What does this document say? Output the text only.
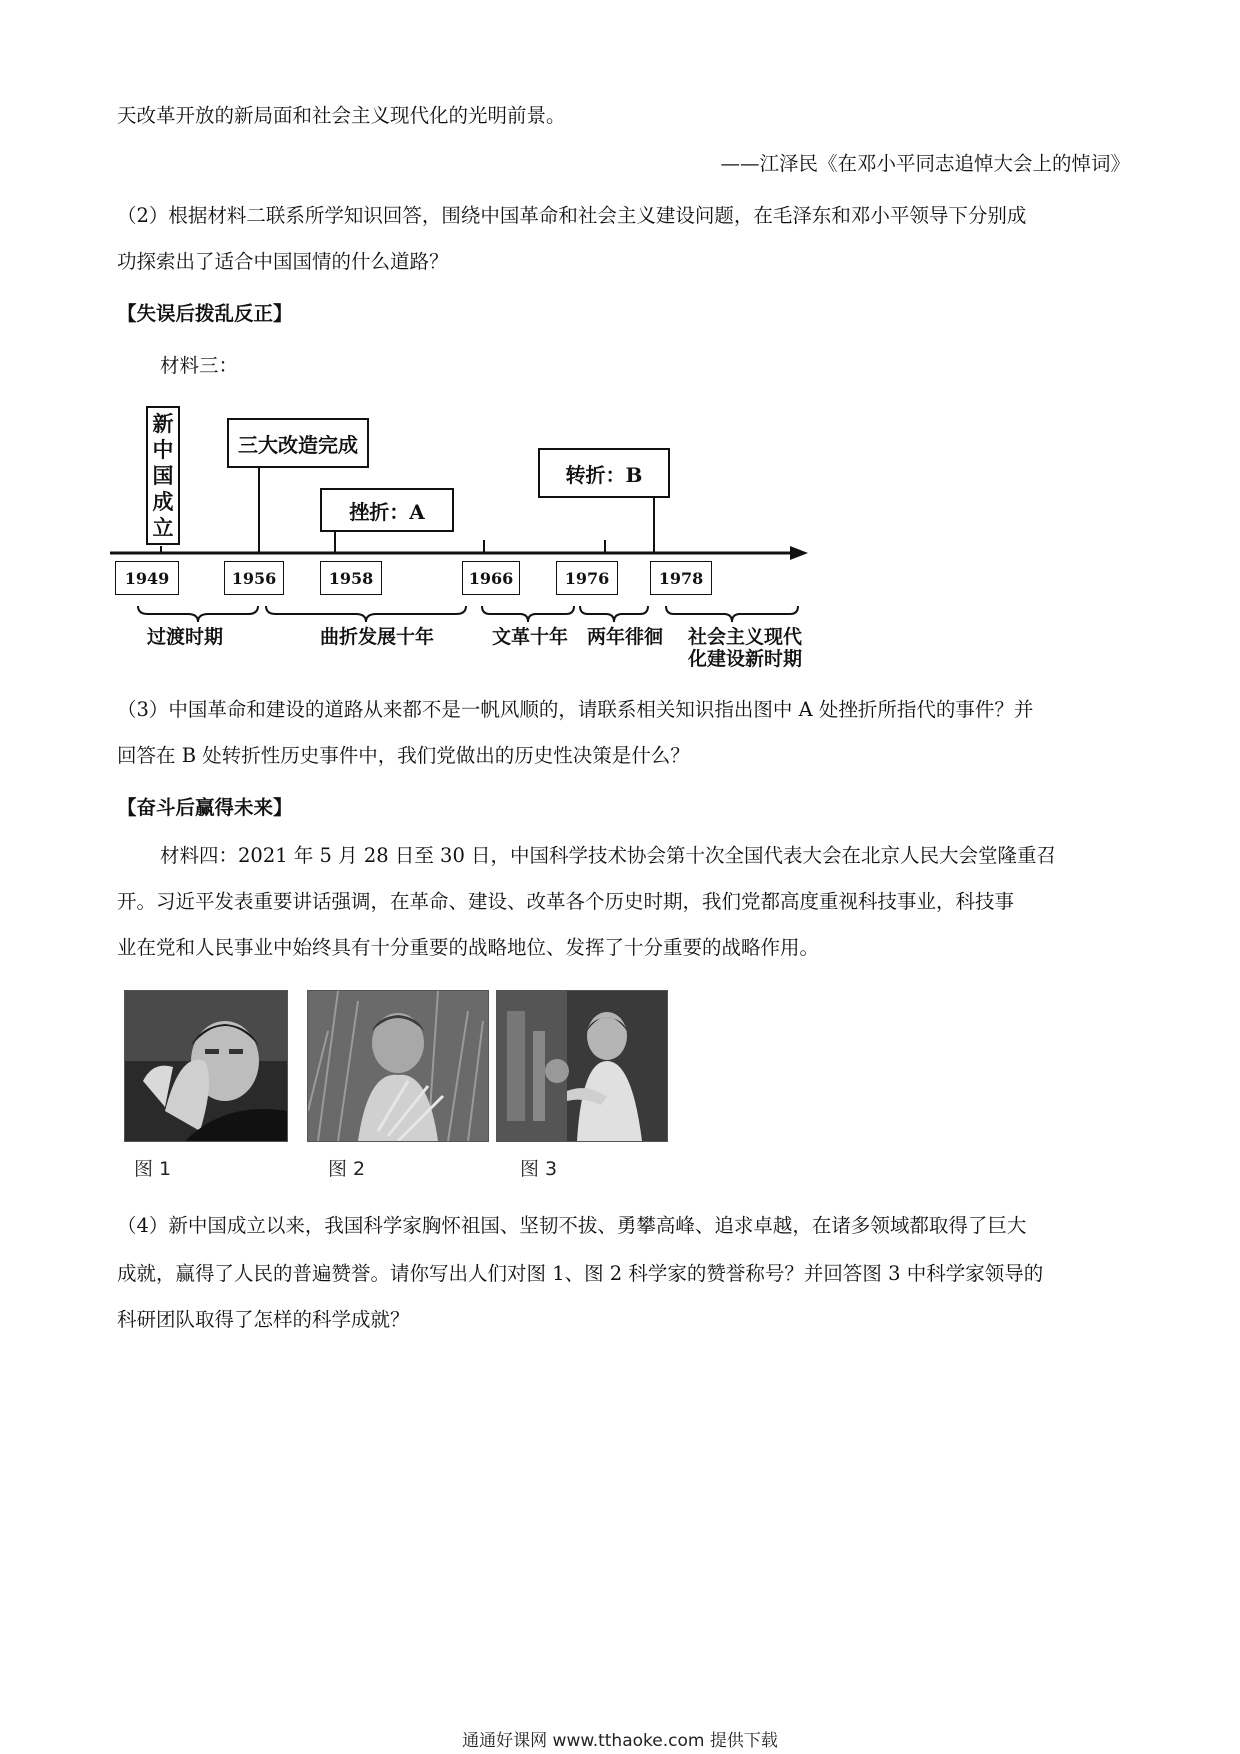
天改革开放的新局面和社会主义现代化的光明前景。
——江泽民《在邓小平同志追悼大会上的悼词》
（2）根据材料二联系所学知识回答，围绕中国革命和社会主义建设问题，在毛泽东和邓小平领导下分别成
功探索出了适合中国国情的什么道路？
【失误后拨乱反正】
材料三：
新
中
国
成
立
三大改造完成
挫折：A
转折：B
1949	1956	1958	1966	1976	1978
过渡时期	曲折发展十年	文革十年 两年徘徊 社会主义现代
化建设新时期
（3）中国革命和建设的道路从来都不是一帆风顺的，请联系相关知识指出图中 A 处挫折所指代的事件？并
回答在 B 处转折性历史事件中，我们党做出的历史性决策是什么？
【奋斗后赢得未来】
材料四：2021 年 5 月 28 日至 30 日，中国科学技术协会第十次全国代表大会在北京人民大会堂隆重召
开。习近平发表重要讲话强调，在革命、建设、改革各个历史时期，我们党都高度重视科技事业，科技事
业在党和人民事业中始终具有十分重要的战略地位、发挥了十分重要的战略作用。
图 1	图 2	图 3
（4）新中国成立以来，我国科学家胸怀祖国、坚韧不拔、勇攀高峰、追求卓越，在诸多领域都取得了巨大
成就，赢得了人民的普遍赞誉。请你写出人们对图 1、图 2 科学家的赞誉称号？并回答图 3 中科学家领导的
科研团队取得了怎样的科学成就？
通通好课网 www.tthaoke.com 提供下载
